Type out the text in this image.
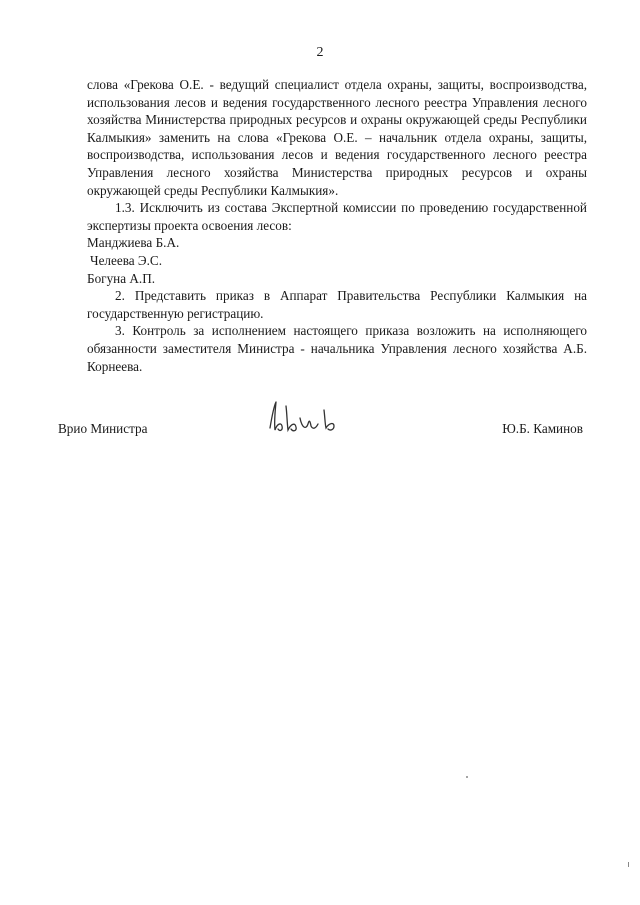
2

слова «Грекова О.Е. - ведущий специалист отдела охраны, защиты, воспроизводства, использования лесов и ведения государственного лесного реестра Управления лесного хозяйства Министерства природных ресурсов и охраны окружающей среды Республики Калмыкия» заменить на слова «Грекова О.Е. – начальник отдела охраны, защиты, воспроизводства, использования лесов и ведения государственного лесного реестра Управления лесного хозяйства Министерства природных ресурсов и охраны окружающей среды Республики Калмыкия».

1.3. Исключить из состава Экспертной комиссии по проведению государственной экспертизы проекта освоения лесов:

Манджиева Б.А.
Челеева Э.С.
Богуна А.П.

2. Представить приказ в Аппарат Правительства Республики Калмыкия на государственную регистрацию.

3. Контроль за исполнением настоящего приказа возложить на исполняющего обязанности заместителя Министра - начальника Управления лесного хозяйства А.Б. Корнеева.

Врио Министра	Ю.Б. Каминов
